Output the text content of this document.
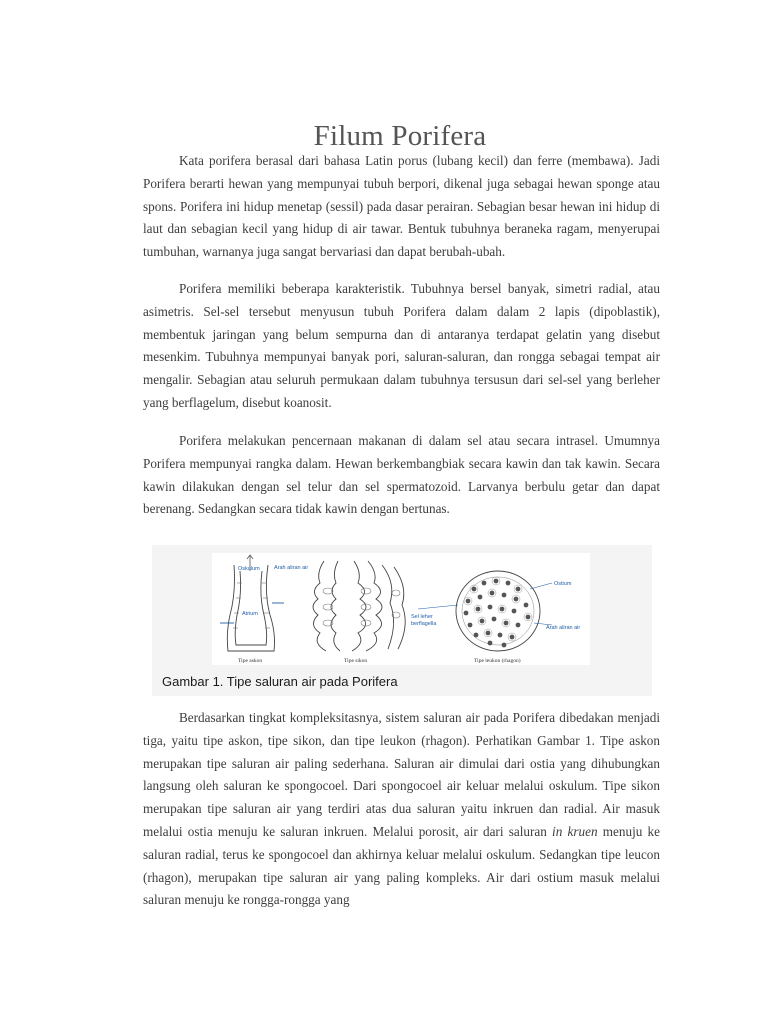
Filum Porifera

Kata porifera berasal dari bahasa Latin porus (lubang kecil) dan ferre (membawa). Jadi Porifera berarti hewan yang mempunyai tubuh berpori, dikenal juga sebagai hewan sponge atau spons. Porifera ini hidup menetap (sessil) pada dasar perairan. Sebagian besar hewan ini hidup di laut dan sebagian kecil yang hidup di air tawar. Bentuk tubuhnya beraneka ragam, menyerupai tumbuhan, warnanya juga sangat bervariasi dan dapat berubah-ubah.

Porifera memiliki beberapa karakteristik. Tubuhnya bersel banyak, simetri radial, atau asimetris. Sel-sel tersebut menyusun tubuh Porifera dalam dalam 2 lapis (dipoblastik), membentuk jaringan yang belum sempurna dan di antaranya terdapat gelatin yang disebut mesenkim. Tubuhnya mempunyai banyak pori, saluran-saluran, dan rongga sebagai tempat air mengalir. Sebagian atau seluruh permukaan dalam tubuhnya tersusun dari sel-sel yang berleher yang berflagelum, disebut koanosit.

Porifera melakukan pencernaan makanan di dalam sel atau secara intrasel. Umumnya Porifera mempunyai rangka dalam. Hewan berkembangbiak secara kawin dan tak kawin. Secara kawin dilakukan dengan sel telur dan sel spermatozoid. Larvanya berbulu getar dan dapat berenang. Sedangkan secara tidak kawin dengan bertunas.

Oskulum	Arah aliran air
Atrium
Tipe askon	Tipe sikon
Sel leher
berflagella
Ostium
Arah aliran air
Tipe leukon (rhagon)
Gambar 1. Tipe saluran air pada Porifera

Berdasarkan tingkat kompleksitasnya, sistem saluran air pada Porifera dibedakan menjadi tiga, yaitu tipe askon, tipe sikon, dan tipe leukon (rhagon). Perhatikan Gambar 1. Tipe askon merupakan tipe saluran air paling sederhana. Saluran air dimulai dari ostia yang dihubungkan langsung oleh saluran ke spongocoel. Dari spongocoel air keluar melalui oskulum. Tipe sikon merupakan tipe saluran air yang terdiri atas dua saluran yaitu inkruen dan radial. Air masuk melalui ostia menuju ke saluran inkruen. Melalui porosit, air dari saluran in kruen menuju ke saluran radial, terus ke spongocoel dan akhirnya keluar melalui oskulum. Sedangkan tipe leucon (rhagon), merupakan tipe saluran air yang paling kompleks. Air dari ostium masuk melalui saluran menuju ke rongga-rongga yang
